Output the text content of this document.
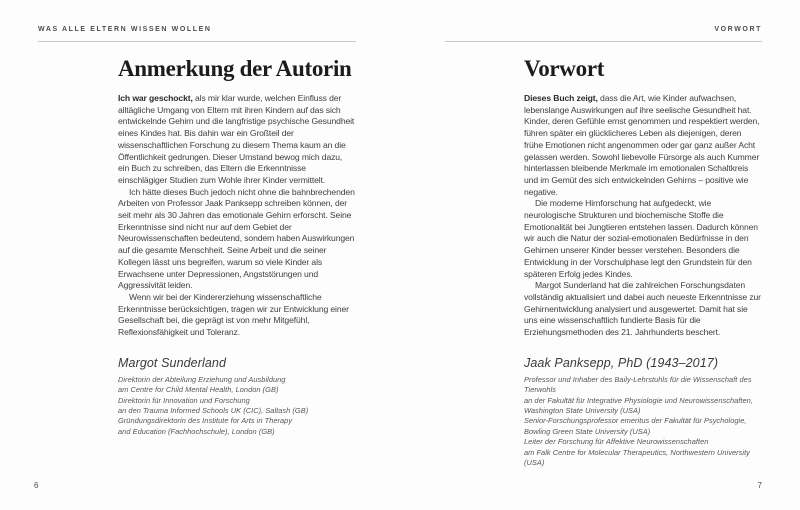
WAS ALLE ELTERN WISSEN WOLLEN	VORWORT
Anmerkung der Autorin

Ich war geschockt, als mir klar wurde, welchen Einfluss der alltägliche Umgang von Eltern mit ihren Kindern auf das sich entwickelnde Gehirn und die langfristige psychische Gesundheit eines Kindes hat. Bis dahin war ein Großteil der wissenschaftlichen Forschung zu diesem Thema kaum an die Öffentlichkeit gedrungen. Dieser Umstand bewog mich dazu, ein Buch zu schreiben, das Eltern die Erkenntnisse einschlägiger Studien zum Wohle ihrer Kinder vermittelt.

Ich hätte dieses Buch jedoch nicht ohne die bahnbrechenden Arbeiten von Professor Jaak Panksepp schreiben können, der seit mehr als 30 Jahren das emotionale Gehirn erforscht. Seine Erkenntnisse sind nicht nur auf dem Gebiet der Neurowissenschaften bedeutend, sondern haben Auswirkungen auf die gesamte Menschheit. Seine Arbeit und die seiner Kollegen lässt uns begreifen, warum so viele Kinder als Erwachsene unter Depressionen, Angststörungen und Aggressivität leiden.

Wenn wir bei der Kindererziehung wissenschaftliche Erkenntnisse berücksichtigen, tragen wir zur Entwicklung einer Gesellschaft bei, die geprägt ist von mehr Mitgefühl, Reflexionsfähigkeit und Toleranz.

Margot Sunderland
Direktorin der Abteilung Erziehung und Ausbildung
am Centre for Child Mental Health, London (GB)
Direktorin für Innovation und Forschung
an den Trauma Informed Schools UK (CIC), Saltash (GB)
Gründungsdirektorin des Institute for Arts in Therapy
and Education (Fachhochschule), London (GB)
Vorwort

Dieses Buch zeigt, dass die Art, wie Kinder aufwachsen, lebenslange Auswirkungen auf ihre seelische Gesundheit hat. Kinder, deren Gefühle ernst genommen und respektiert werden, führen später ein glücklicheres Leben als diejenigen, deren frühe Emotionen nicht angenommen oder gar ganz außer Acht gelassen werden. Sowohl liebevolle Fürsorge als auch Kummer hinterlassen bleibende Merkmale im emotionalen Schaltkreis und im Gemüt des sich entwickelnden Gehirns – positive wie negative.

Die moderne Hirnforschung hat aufgedeckt, wie neurologische Strukturen und biochemische Stoffe die Emotionalität bei Jungtieren entstehen lassen. Dadurch können wir auch die Natur der sozial-emotionalen Bedürfnisse in den Gehirnen unserer Kinder besser verstehen. Besonders die Entwicklung in der Vorschulphase legt den Grundstein für den späteren Erfolg jedes Kindes.

Margot Sunderland hat die zahlreichen Forschungsdaten vollständig aktualisiert und dabei auch neueste Erkenntnisse zur Gehirnentwicklung analysiert und ausgewertet. Damit hat sie uns eine wissenschaftlich fundierte Basis für die Erziehungsmethoden des 21. Jahrhunderts beschert.

Jaak Panksepp, PhD (1943–2017)
Professor und Inhaber des Baily-Lehrstuhls für die Wissenschaft des Tierwohls
an der Fakultät für Integrative Physiologie und Neurowissenschaften,
Washington State University (USA)
Senior-Forschungsprofessor emeritus der Fakultät für Psychologie,
Bowling Green State University (USA)
Leiter der Forschung für Affektive Neurowissenschaften
am Falk Centre for Molecular Therapeutics, Northwestern University (USA)
6	7
